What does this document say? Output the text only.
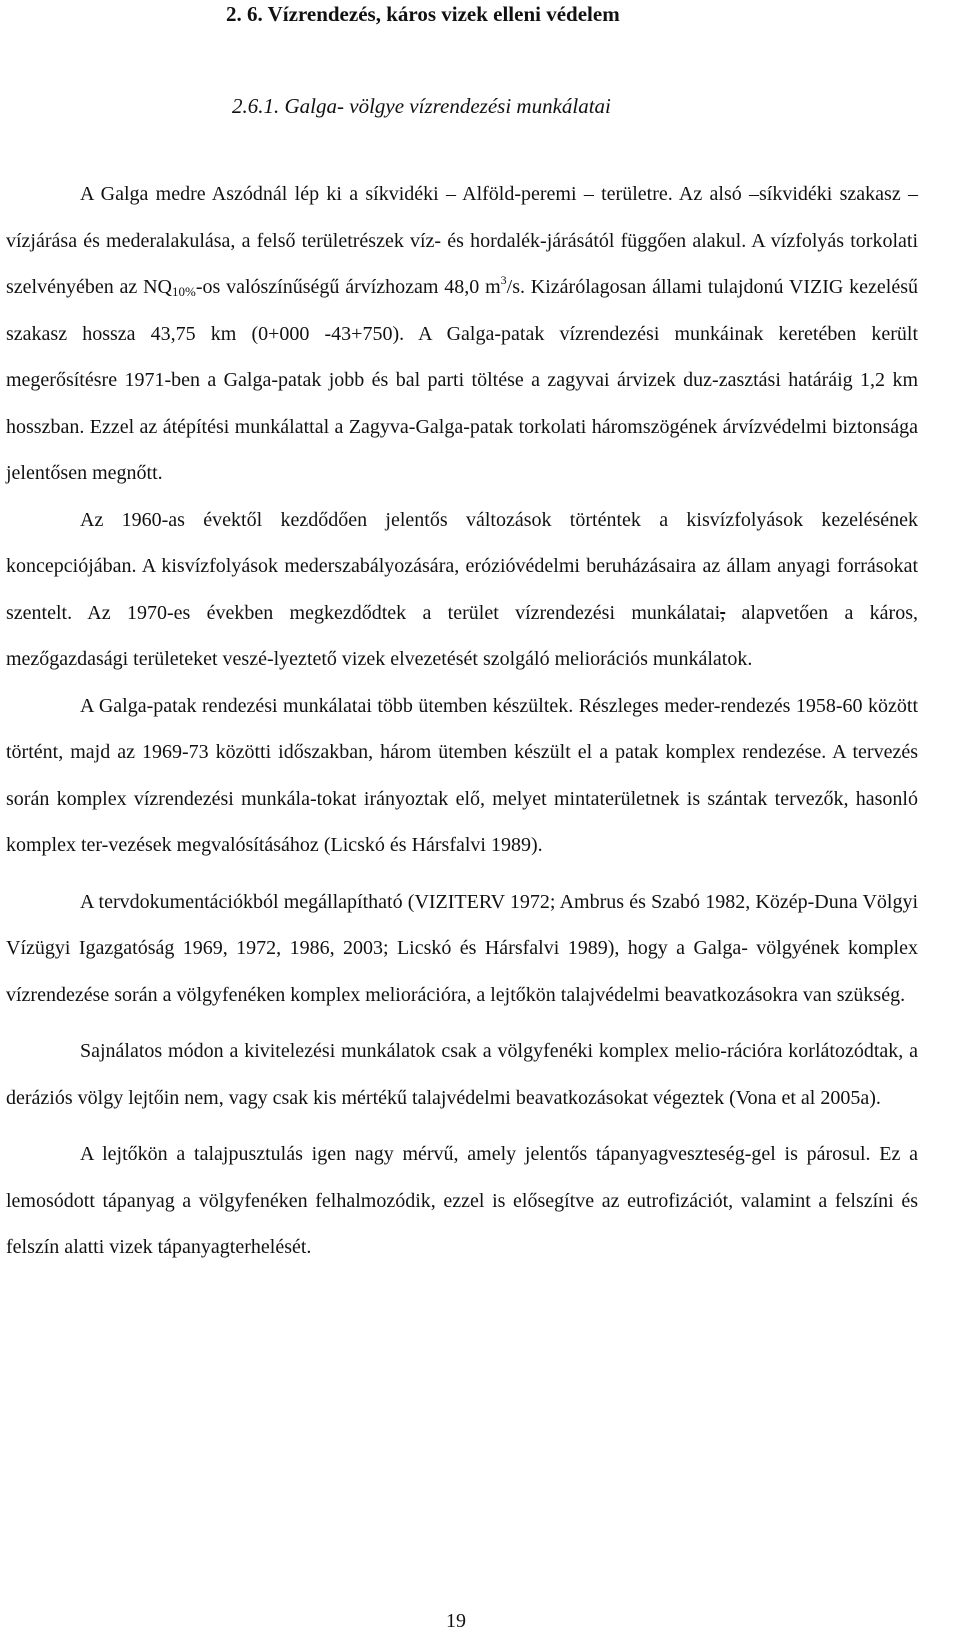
2. 6. Vízrendezés, káros vizek elleni védelem
2.6.1. Galga- völgye vízrendezési munkálatai

A Galga medre Aszódnál lép ki a síkvidéki – Alföld-peremi – területre. Az alsó –síkvidéki szakasz – vízjárása és mederalakulása, a felső területrészek víz- és hordalék-járásától függően alakul. A vízfolyás torkolati szelvényében az $NQ_{10\%}-os$ valószínűségű árvízhozam 48,0 $m^3/s$. Kizárólagosan állami tulajdonú VIZIG kezelésű szakasz hossza 43,75 km (0+000 -43+750). A Galga-patak vízrendezési munkáinak keretében került megerősítésre 1971-ben a Galga-patak jobb és bal parti töltése a zagyvai árvizek duz-zasztási határáig 1,2 km hosszban. Ezzel az átépítési munkálattal a Zagyva-Galga-patak torkolati háromszögének árvízvédelmi biztonsága jelentősen megnőtt.

Az 1960-as évektől kezdődően jelentős változások történtek a kisvízfolyások kezelésének koncepciójában. A kisvízfolyások mederszabályozására, erózióvédelmi beruházásaira az állam anyagi forrásokat szentelt. Az 1970-es években megkezdődtek a terület vízrendezési munkálatai, alapvetően a káros, mezőgazdasági területeket veszé-lyeztető vizek elvezetését szolgáló meliorációs munkálatok.

A Galga-patak rendezési munkálatai több ütemben készültek. Részleges meder-rendezés 1958-60 között történt, majd az 1969-73 közötti időszakban, három ütemben készült el a patak komplex rendezése. A tervezés során komplex vízrendezési munkála-tokat irányoztak elő, melyet mintaterületnek is szántak tervezők, hasonló komplex ter-vezések megvalósításához (Licskó és Hársfalvi 1989).

A tervdokumentációkból megállapítható (VIZITERV 1972; Ambrus és Szabó 1982, Közép-Duna Völgyi Vízügyi Igazgatóság 1969, 1972, 1986, 2003; Licskó és Hársfalvi 1989), hogy a Galga- völgyének komplex vízrendezése során a völgyfenéken komplex meliorációra, a lejtőkön talajvédelmi beavatkozásokra van szükség.

Sajnálatos módon a kivitelezési munkálatok csak a völgyfenéki komplex melio-rációra korlátozódtak, a deráziós völgy lejtőin nem, vagy csak kis mértékű talajvédelmi beavatkozásokat végeztek (Vona et al 2005a).

A lejtőkön a talajpusztulás igen nagy mérvű, amely jelentős tápanyagveszteség-gel is párosul. Ez a lemosódott tápanyag a völgyfenéken felhalmozódik, ezzel is elősegítve az eutrofizációt, valamint a felszíni és felszín alatti vizek tápanyagterhelését.

19
